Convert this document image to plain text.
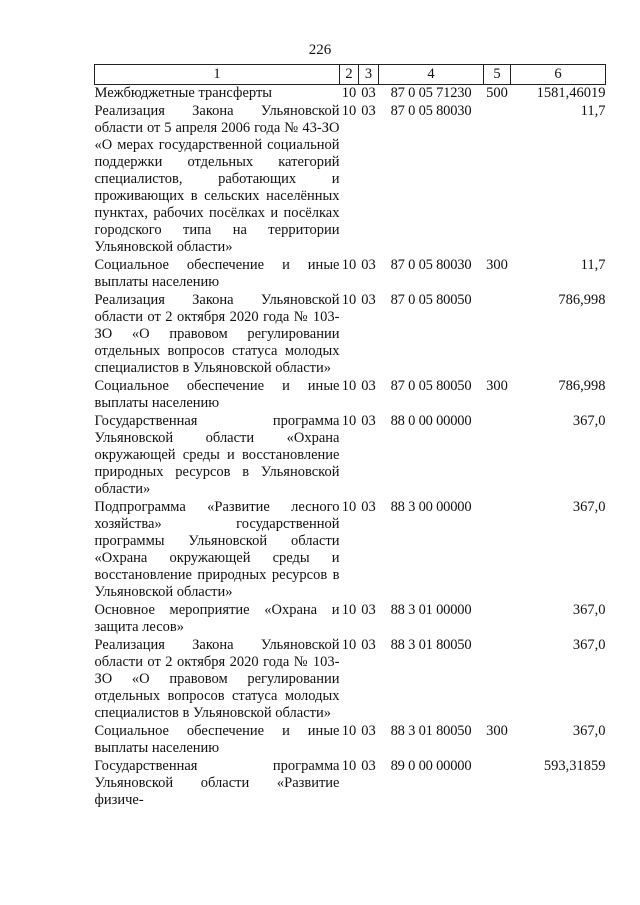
226
1	2	3	4	5	6
Межбюджетные трансферты	10	03	87 0 05 71230	500	1581,46019
Реализация Закона Ульяновской области от 5 апреля 2006 года № 43-ЗО «О мерах государственной социальной поддержки отдельных категорий специалистов, работающих и проживающих в сельских населённых пунктах, рабочих посёлках и посёлках городского типа на территории Ульяновской области»	10	03	87 0 05 80030		11,7
Социальное обеспечение и иные выплаты населению	10	03	87 0 05 80030	300	11,7
Реализация Закона Ульяновской области от 2 октября 2020 года № 103-ЗО «О правовом регулировании отдельных вопросов статуса молодых специалистов в Ульяновской области»	10	03	87 0 05 80050		786,998
Социальное обеспечение и иные выплаты населению	10	03	87 0 05 80050	300	786,998
Государственная программа Ульяновской области «Охрана окружающей среды и восстановление природных ресурсов в Ульяновской области»	10	03	88 0 00 00000		367,0
Подпрограмма «Развитие лесного хозяйства» государственной программы Ульяновской области «Охрана окружающей среды и восстановление природных ресурсов в Ульяновской области»	10	03	88 3 00 00000		367,0
Основное мероприятие «Охрана и защита лесов»	10	03	88 3 01 00000		367,0
Реализация Закона Ульяновской области от 2 октября 2020 года № 103-ЗО «О правовом регулировании отдельных вопросов статуса молодых специалистов в Ульяновской области»	10	03	88 3 01 80050		367,0
Социальное обеспечение и иные выплаты населению	10	03	88 3 01 80050	300	367,0
Государственная программа Ульяновской области «Развитие физиче-	10	03	89 0 00 00000		593,31859
